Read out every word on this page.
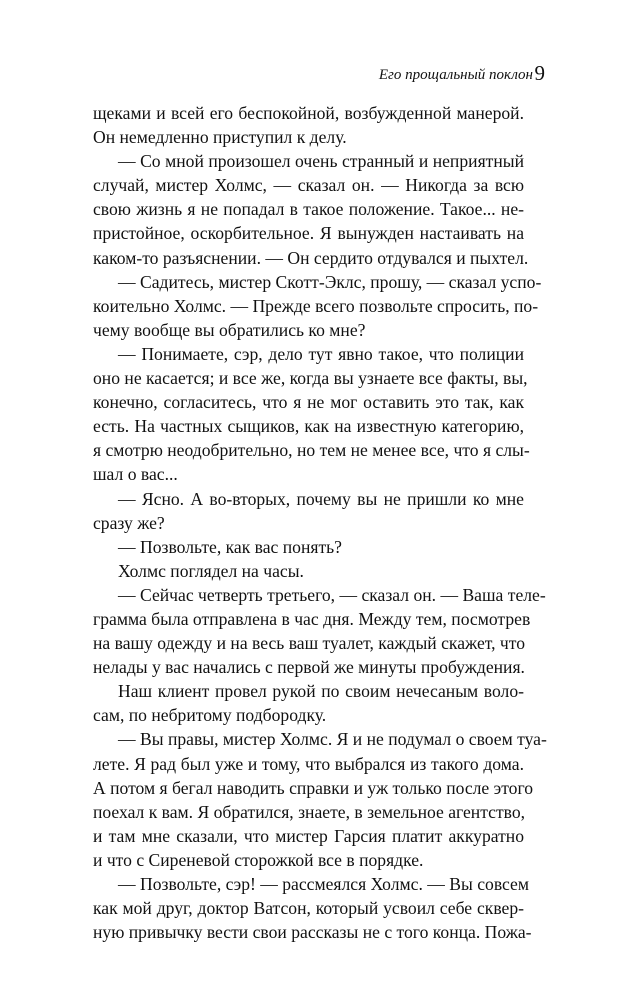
Его прощальный поклон 9
щеками и всей его беспокойной, возбужденной манерой.
Он немедленно приступил к делу.
— Со мной произошел очень странный и неприятный
случай, мистер Холмс, — сказал он. — Никогда за всю
свою жизнь я не попадал в такое положение. Такое... не-
пристойное, оскорбительное. Я вынужден настаивать на
каком-то разъяснении. — Он сердито отдувался и пыхтел.
— Садитесь, мистер Скотт-Эклс, прошу, — сказал успо-
коительно Холмс. — Прежде всего позвольте спросить, по-
чему вообще вы обратились ко мне?
— Понимаете, сэр, дело тут явно такое, что полиции
оно не касается; и все же, когда вы узнаете все факты, вы,
конечно, согласитесь, что я не мог оставить это так, как
есть. На частных сыщиков, как на известную категорию,
я смотрю неодобрительно, но тем не менее все, что я слы-
шал о вас...
— Ясно. А во-вторых, почему вы не пришли ко мне
сразу же?
— Позвольте, как вас понять?
Холмс поглядел на часы.
— Сейчас четверть третьего, — сказал он. — Ваша теле-
грамма была отправлена в час дня. Между тем, посмотрев
на вашу одежду и на весь ваш туалет, каждый скажет, что
нелады у вас начались с первой же минуты пробуждения.
Наш клиент провел рукой по своим нечесаным воло-
сам, по небритому подбородку.
— Вы правы, мистер Холмс. Я и не подумал о своем туа-
лете. Я рад был уже и тому, что выбрался из такого дома.
А потом я бегал наводить справки и уж только после этого
поехал к вам. Я обратился, знаете, в земельное агентство,
и там мне сказали, что мистер Гарсия платит аккуратно
и что с Сиреневой сторожкой все в порядке.
— Позвольте, сэр! — рассмеялся Холмс. — Вы совсем
как мой друг, доктор Ватсон, который усвоил себе сквер-
ную привычку вести свои рассказы не с того конца. Пожа-
